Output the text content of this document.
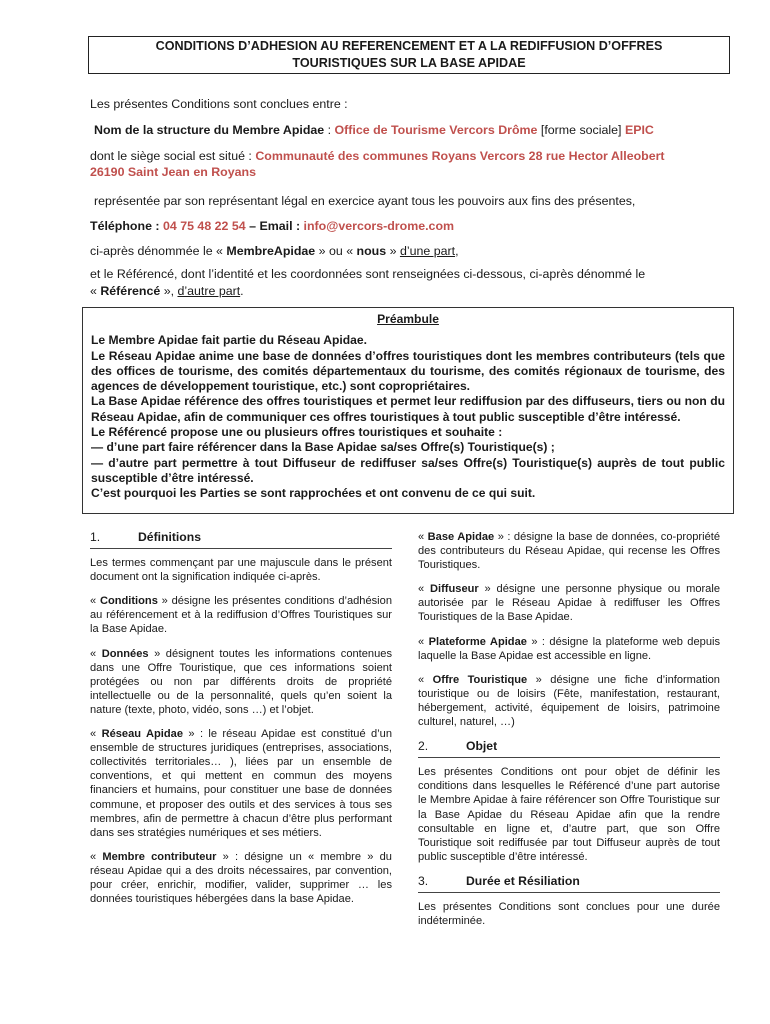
CONDITIONS D’ADHESION AU REFERENCEMENT ET A LA REDIFFUSION D’OFFRES
TOURISTIQUES SUR LA BASE APIDAE
Les présentes Conditions sont conclues entre :
Nom de la structure du Membre Apidae : Office de Tourisme Vercors Drôme [forme sociale] EPIC
dont le siège social est situé : Communauté des communes Royans Vercors 28 rue Hector Alleobert
26190 Saint Jean en Royans
représentée par son représentant légal en exercice ayant tous les pouvoirs aux fins des présentes,
Téléphone : 04 75 48 22 54 – Email : info@vercors-drome.com
ci-après dénommée le « MembreApidae » ou « nous » d’une part,
et le Référencé, dont l’identité et les coordonnées sont renseignées ci-dessous, ci-après dénommé le
« Référencé », d’autre part.
Préambule
Le Membre Apidae fait partie du Réseau Apidae.
Le Réseau Apidae anime une base de données d’offres touristiques dont les membres contributeurs (tels que des offices de tourisme, des comités départementaux du tourisme, des comités régionaux de tourisme, des agences de développement touristique, etc.) sont copropriétaires.
La Base Apidae référence des offres touristiques et permet leur rediffusion par des diffuseurs, tiers ou non du Réseau Apidae, afin de communiquer ces offres touristiques à tout public susceptible d’être intéressé.
Le Référencé propose une ou plusieurs offres touristiques et souhaite :
— d’une part faire référencer dans la Base Apidae sa/ses Offre(s) Touristique(s) ;
— d’autre part permettre à tout Diffuseur de rediffuser sa/ses Offre(s) Touristique(s) auprès de tout public susceptible d’être intéressé.
C’est pourquoi les Parties se sont rapprochées et ont convenu de ce qui suit.
1.	Définitions

Les termes commençant par une majuscule dans le présent document ont la signification indiquée ci-après.

« Conditions » désigne les présentes conditions d’adhésion au référencement et à la rediffusion d’Offres Touristiques sur la Base Apidae.

« Données » désignent toutes les informations contenues dans une Offre Touristique, que ces informations soient protégées ou non par différents droits de propriété intellectuelle ou de la personnalité, quels qu’en soient la nature (texte, photo, vidéo, sons …) et l’objet.

« Réseau Apidae » : le réseau Apidae est constitué d’un ensemble de structures juridiques (entreprises, associations, collectivités territoriales… ), liées par un ensemble de conventions, et qui mettent en commun des moyens financiers et humains, pour constituer une base de données commune, et proposer des outils et des services à tous ses membres, afin de permettre à chacun d’être plus performant dans ses stratégies numériques et ses métiers.

« Membre contributeur » : désigne un « membre » du réseau Apidae qui a des droits nécessaires, par convention, pour créer, enrichir, modifier, valider, supprimer … les données touristiques hébergées dans la base Apidae.

« Base Apidae » : désigne la base de données, co-propriété des contributeurs du Réseau Apidae, qui recense les Offres Touristiques.

« Diffuseur » désigne une personne physique ou morale autorisée par le Réseau Apidae à rediffuser les Offres Touristiques de la Base Apidae.

« Plateforme Apidae » : désigne la plateforme web depuis laquelle la Base Apidae est accessible en ligne.

« Offre Touristique » désigne une fiche d’information touristique ou de loisirs (Fête, manifestation, restaurant, hébergement, activité, équipement de loisirs, patrimoine culturel, naturel, …)

2.	Objet

Les présentes Conditions ont pour objet de définir les conditions dans lesquelles le Référencé d’une part autorise le Membre Apidae à faire référencer son Offre Touristique sur la Base Apidae du Réseau Apidae afin que la rendre consultable en ligne et, d’autre part, que son Offre Touristique soit rediffusée par tout Diffuseur auprès de tout public susceptible d’être intéressé.

3.	Durée et Résiliation

Les présentes Conditions sont conclues pour une durée indéterminée.
